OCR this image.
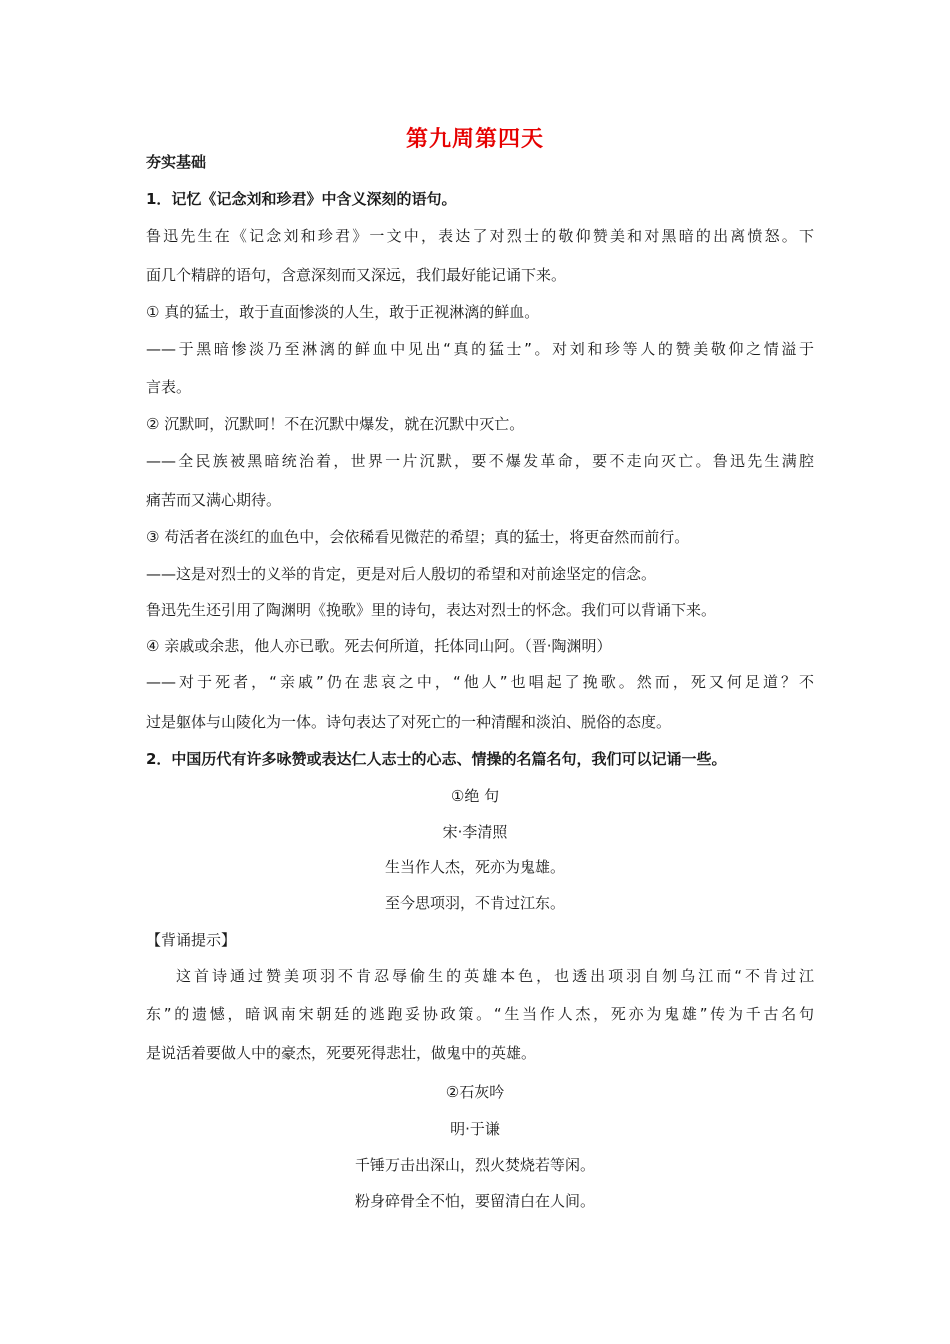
第九周第四天
夯实基础
1．记忆《记念刘和珍君》中含义深刻的语句。
鲁迅先生在《记念刘和珍君》一文中，表达了对烈士的敬仰赞美和对黑暗的出离愤怒。下
面几个精辟的语句，含意深刻而又深远，我们最好能记诵下来。
① 真的猛士，敢于直面惨淡的人生，敢于正视淋漓的鲜血。
——于黑暗惨淡乃至淋漓的鲜血中见出“真的猛士”。对刘和珍等人的赞美敬仰之情溢于
言表。
② 沉默呵，沉默呵！不在沉默中爆发，就在沉默中灭亡。
——全民族被黑暗统治着，世界一片沉默，要不爆发革命，要不走向灭亡。鲁迅先生满腔
痛苦而又满心期待。
③ 苟活者在淡红的血色中，会依稀看见微茫的希望；真的猛士，将更奋然而前行。
——这是对烈士的义举的肯定，更是对后人殷切的希望和对前途坚定的信念。
鲁迅先生还引用了陶渊明《挽歌》里的诗句，表达对烈士的怀念。我们可以背诵下来。
④ 亲戚或余悲，他人亦已歌。死去何所道，托体同山阿。（晋·陶渊明）
——对于死者，“亲戚”仍在悲哀之中，“他人”也唱起了挽歌。然而，死又何足道？不
过是躯体与山陵化为一体。诗句表达了对死亡的一种清醒和淡泊、脱俗的态度。
2．中国历代有许多咏赞或表达仁人志士的心志、情操的名篇名句，我们可以记诵一些。
①绝 句
宋·李清照
生当作人杰，死亦为鬼雄。
至今思项羽，不肯过江东。
【背诵提示】
这首诗通过赞美项羽不肯忍辱偷生的英雄本色，也透出项羽自刎乌江而“不肯过江
东”的遗憾，暗讽南宋朝廷的逃跑妥协政策。“生当作人杰，死亦为鬼雄”传为千古名句
是说活着要做人中的豪杰，死要死得悲壮，做鬼中的英雄。
②石灰吟
明·于谦
千锤万击出深山，烈火焚烧若等闲。
粉身碎骨全不怕，要留清白在人间。
